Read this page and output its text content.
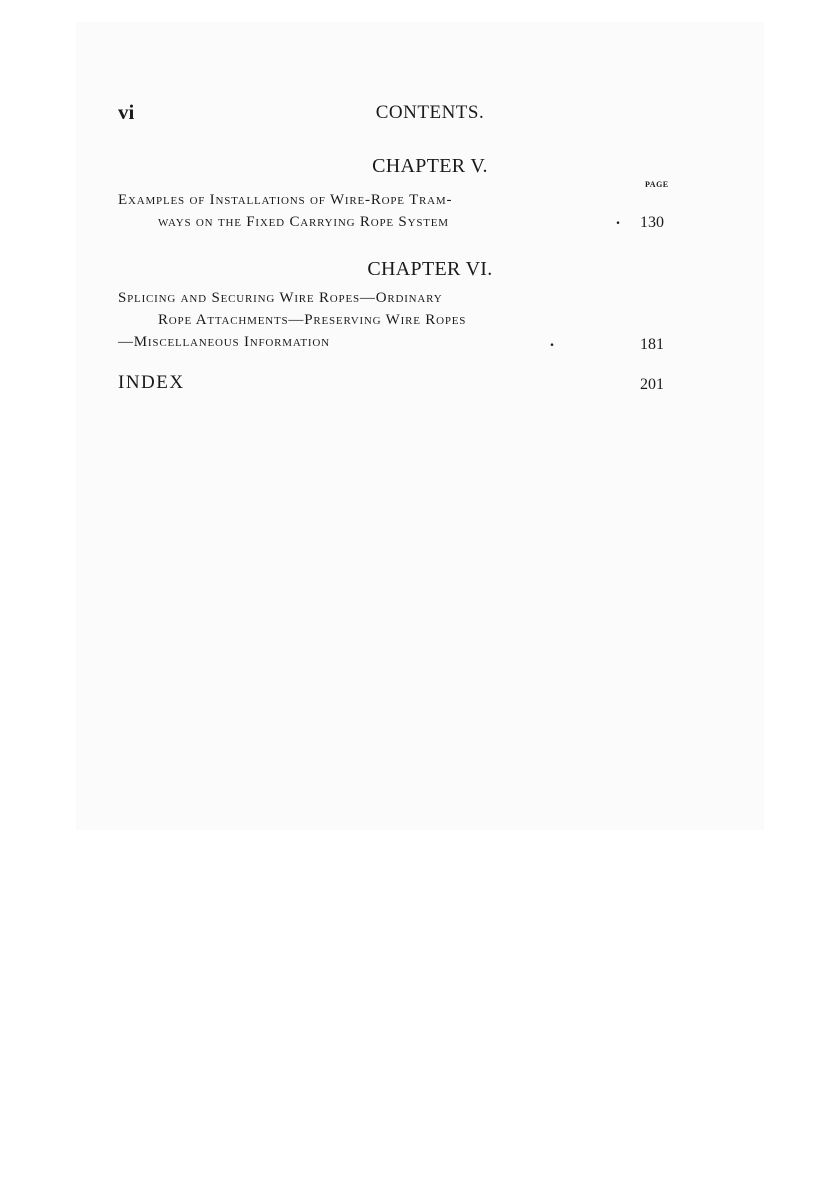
vi	CONTENTS.
CHAPTER V.
PAGE
Examples of Installations of Wire-Rope Tram-
ways on the Fixed Carrying Rope System	. 130
CHAPTER VI.
Splicing and Securing Wire Ropes—Ordinary
Rope Attachments—Preserving Wire Ropes
—Miscellaneous Information	.	181
INDEX	201
